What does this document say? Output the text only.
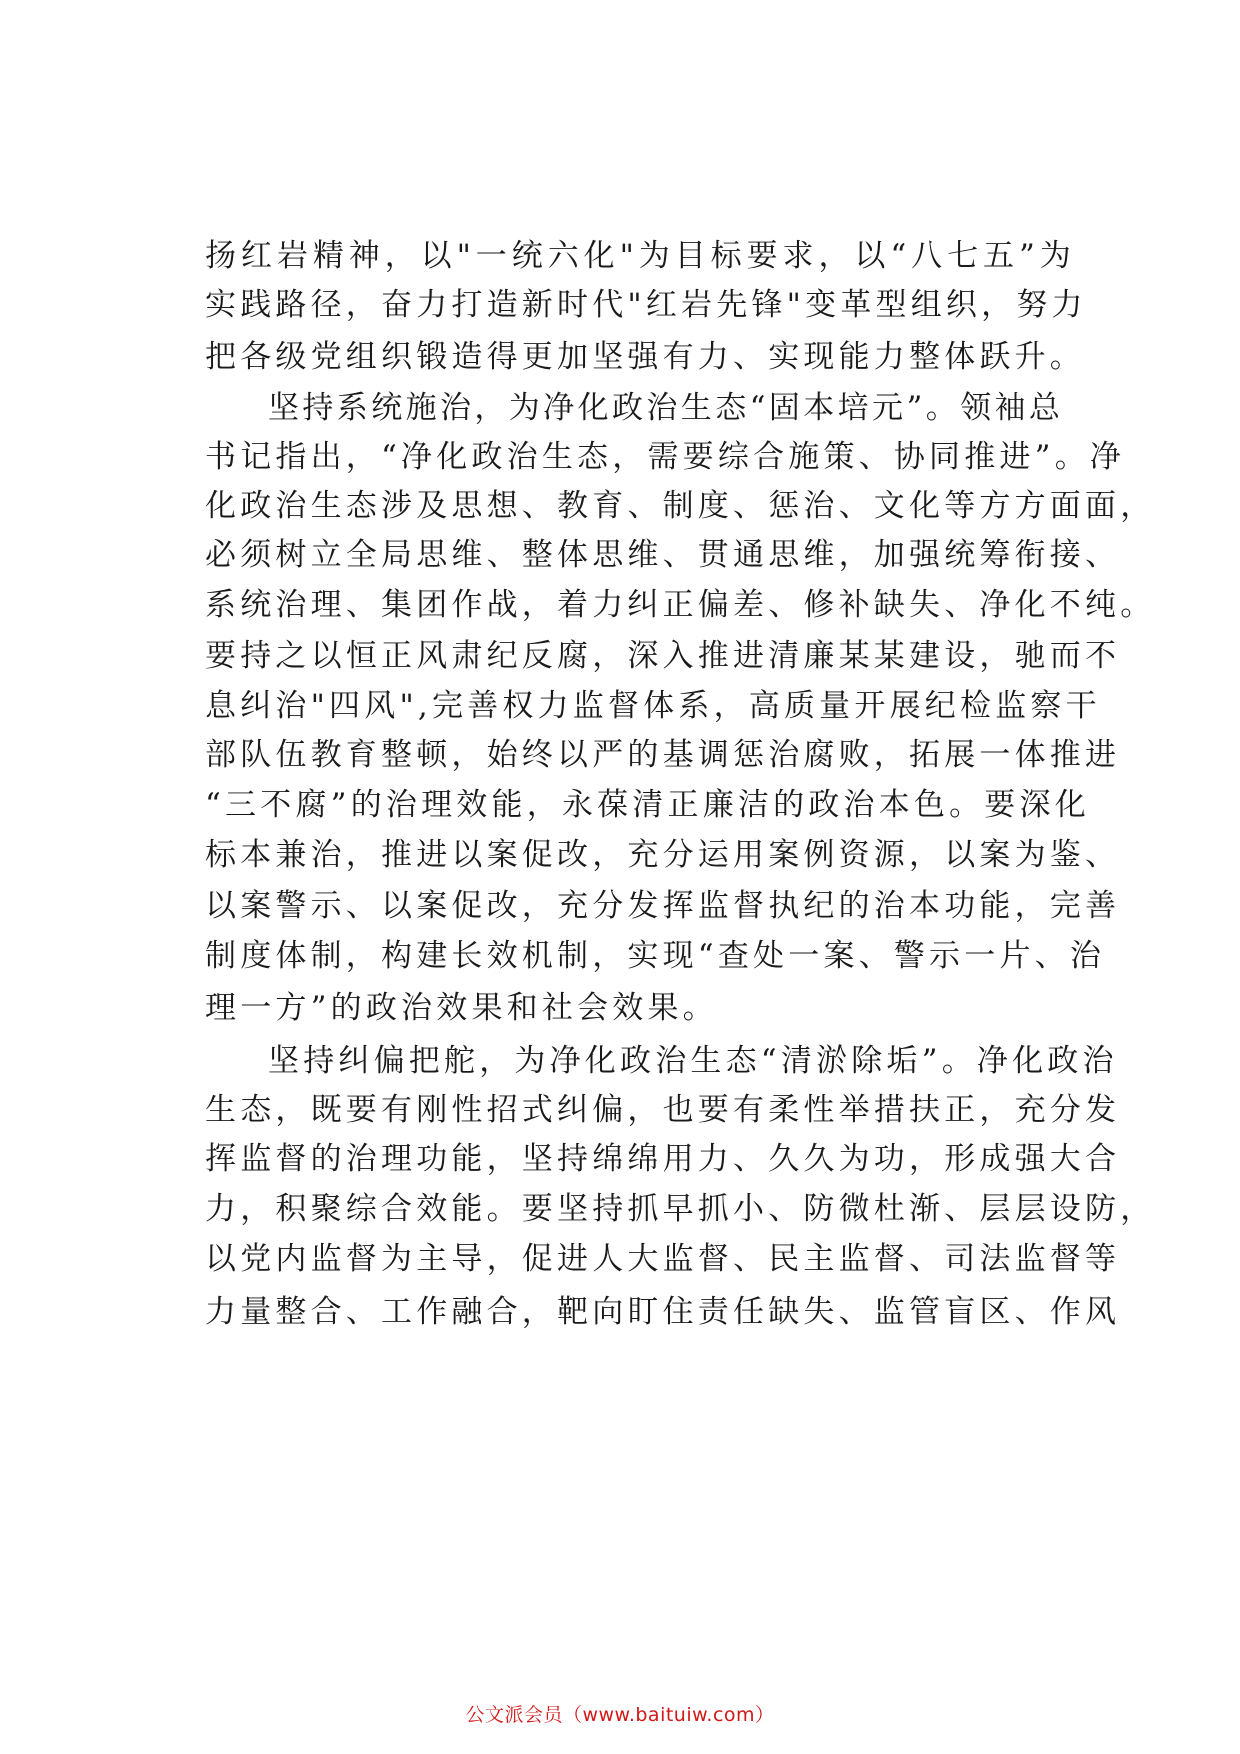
扬红岩精神，以"一统六化"为目标要求，以“八七五”为
实践路径，奋力打造新时代"红岩先锋"变革型组织，努力
把各级党组织锻造得更加坚强有力、实现能力整体跃升。
坚持系统施治，为净化政治生态“固本培元”。领袖总
书记指出，“净化政治生态，需要综合施策、协同推进”。净
化政治生态涉及思想、教育、制度、惩治、文化等方方面面，
必须树立全局思维、整体思维、贯通思维，加强统筹衔接、
系统治理、集团作战，着力纠正偏差、修补缺失、净化不纯。
要持之以恒正风肃纪反腐，深入推进清廉某某建设，驰而不
息纠治"四风",完善权力监督体系，高质量开展纪检监察干
部队伍教育整顿，始终以严的基调惩治腐败，拓展一体推进
“三不腐”的治理效能，永葆清正廉洁的政治本色。要深化
标本兼治，推进以案促改，充分运用案例资源，以案为鉴、
以案警示、以案促改，充分发挥监督执纪的治本功能，完善
制度体制，构建长效机制，实现“查处一案、警示一片、治
理一方”的政治效果和社会效果。
坚持纠偏把舵，为净化政治生态“清淤除垢”。净化政治
生态，既要有刚性招式纠偏，也要有柔性举措扶正，充分发
挥监督的治理功能，坚持绵绵用力、久久为功，形成强大合
力，积聚综合效能。要坚持抓早抓小、防微杜渐、层层设防，
以党内监督为主导，促进人大监督、民主监督、司法监督等
力量整合、工作融合，靶向盯住责任缺失、监管盲区、作风
公文派会员（www.baituiw.com）
